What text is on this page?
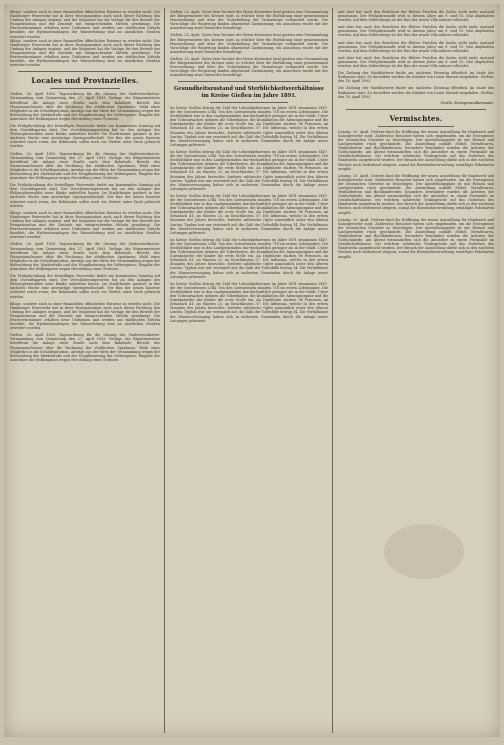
fähige, sondern auch in einer finanziellen öffentlichen Existenz zu werden sucht. Die Hamburger Feuerwehr hat in ihrer Reorganisation auch nach dieser Richtung den Umfang der Anlagen ergänzt, und der Magistrat hat die Vorlage für den Betrieb der Pumpenstation und der Zentrale mit entsprechenden Mitteln genehmigt. Die Feuerwehrmänner erhalten neue Uniformen und werden aus städtischen Mitteln besoldet; die Hydrantenanlagen der Wasserleitung sind an sämtlichen Straßen erweitert worden.

fähige, sondern auch in einer finanziellen öffentlichen Existenz zu werden sucht. Die Hamburger Feuerwehr hat in ihrer Reorganisation auch nach dieser Richtung den Umfang der Anlagen ergänzt, und der Magistrat hat die Vorlage für den Betrieb der Pumpenstation und der Zentrale mit entsprechenden Mitteln genehmigt. Die Feuerwehrmänner erhalten neue Uniformen und werden aus städtischen Mitteln besoldet; die Hydrantenanlagen der Wasserleitung sind an sämtlichen Straßen erweitert worden.

Locales und Provinzielles.

Gießen, 26. April 1893. Tagesordnung für die Sitzung der Stadtverordneten-Versammlung vom Donnerstag den 27. April 1893. Vorlage des Bürgermeisters betreffend die Anlage einer Straße nach dem Bahnhofe; Bericht des Finanzausschusses über die Rechnung der städtischen Sparkasse; Wahl eines Mitgliedes in die Schuldeputation; Anträge aus der Mitte der Versammlung wegen der Beleuchtung der Marktstraße und der Neupflasterung der Seltersgasse; Eingabe der Anwohner der Wolkengasse wegen Herstellung eines Trottoirs.

Die Frühjahrsübung der freiwilligen Feuerwehr findet am kommenden Sonntag auf dem Oswaldsgarten statt. Der Verschönerungsverein hat an den Anlagen des Philosophenwaldes neue Bänke aufstellen lassen. Im Stadttheater gastiert in der nächsten Woche eine auswärtige Operngesellschaft. Der Bau der neuen Kaserne schreitet rasch voran; die Rohbauten sollen noch vor Herbst unter Dach gebracht werden.

Gießen, 26. April 1893. Tagesordnung für die Sitzung der Stadtverordneten-Versammlung vom Donnerstag den 27. April 1893. Vorlage des Bürgermeisters betreffend die Anlage einer Straße nach dem Bahnhofe; Bericht des Finanzausschusses über die Rechnung der städtischen Sparkasse; Wahl eines Mitgliedes in die Schuldeputation; Anträge aus der Mitte der Versammlung wegen der Beleuchtung der Marktstraße und der Neupflasterung der Seltersgasse; Eingabe der Anwohner der Wolkengasse wegen Herstellung eines Trottoirs.

Die Frühjahrsübung der freiwilligen Feuerwehr findet am kommenden Sonntag auf dem Oswaldsgarten statt. Der Verschönerungsverein hat an den Anlagen des Philosophenwaldes neue Bänke aufstellen lassen. Im Stadttheater gastiert in der nächsten Woche eine auswärtige Operngesellschaft. Der Bau der neuen Kaserne schreitet rasch voran; die Rohbauten sollen noch vor Herbst unter Dach gebracht werden.

fähige, sondern auch in einer finanziellen öffentlichen Existenz zu werden sucht. Die Hamburger Feuerwehr hat in ihrer Reorganisation auch nach dieser Richtung den Umfang der Anlagen ergänzt, und der Magistrat hat die Vorlage für den Betrieb der Pumpenstation und der Zentrale mit entsprechenden Mitteln genehmigt. Die Feuerwehrmänner erhalten neue Uniformen und werden aus städtischen Mitteln besoldet; die Hydrantenanlagen der Wasserleitung sind an sämtlichen Straßen erweitert worden.

Gießen, 26. April 1893. Tagesordnung für die Sitzung der Stadtverordneten-Versammlung vom Donnerstag den 27. April 1893. Vorlage des Bürgermeisters betreffend die Anlage einer Straße nach dem Bahnhofe; Bericht des Finanzausschusses über die Rechnung der städtischen Sparkasse; Wahl eines Mitgliedes in die Schuldeputation; Anträge aus der Mitte der Versammlung wegen der Beleuchtung der Marktstraße und der Neupflasterung der Seltersgasse; Eingabe der Anwohner der Wolkengasse wegen Herstellung eines Trottoirs.

Die Frühjahrsübung der freiwilligen Feuerwehr findet am kommenden Sonntag auf dem Oswaldsgarten statt. Der Verschönerungsverein hat an den Anlagen des Philosophenwaldes neue Bänke aufstellen lassen. Im Stadttheater gastiert in der nächsten Woche eine auswärtige Operngesellschaft. Der Bau der neuen Kaserne schreitet rasch voran; die Rohbauten sollen noch vor Herbst unter Dach gebracht werden.

fähige, sondern auch in einer finanziellen öffentlichen Existenz zu werden sucht. Die Hamburger Feuerwehr hat in ihrer Reorganisation auch nach dieser Richtung den Umfang der Anlagen ergänzt, und der Magistrat hat die Vorlage für den Betrieb der Pumpenstation und der Zentrale mit entsprechenden Mitteln genehmigt. Die Feuerwehrmänner erhalten neue Uniformen und werden aus städtischen Mitteln besoldet; die Hydrantenanlagen der Wasserleitung sind an sämtlichen Straßen erweitert worden.

Gießen, 26. April 1893. Tagesordnung für die Sitzung der Stadtverordneten-Versammlung vom Donnerstag den 27. April 1893. Vorlage des Bürgermeisters betreffend die Anlage einer Straße nach dem Bahnhofe; Bericht des Finanzausschusses über die Rechnung der städtischen Sparkasse; Wahl eines Mitgliedes in die Schuldeputation; Anträge aus der Mitte der Versammlung wegen der Beleuchtung der Marktstraße und der Neupflasterung der Seltersgasse; Eingabe der Anwohner der Wolkengasse wegen Herstellung eines Trottoirs.

Gießen, 25. April. Unter dem Vorsitze des Herrn Kreisrates fand gestern eine Versammlung der Bürgermeister des Kreises statt, in welcher über die Einführung einer gemeinsamen Feuerordnung und über die Unterhaltung der Vicinalwege verhandelt wurde. Die Vorschläge der Regierung fanden allgemeine Zustimmung; ein Ausschuss wurde mit der Ausarbeitung eines Entwurfes beauftragt.

Gießen, 25. April. Unter dem Vorsitze des Herrn Kreisrates fand gestern eine Versammlung der Bürgermeister des Kreises statt, in welcher über die Einführung einer gemeinsamen Feuerordnung und über die Unterhaltung der Vicinalwege verhandelt wurde. Die Vorschläge der Regierung fanden allgemeine Zustimmung; ein Ausschuss wurde mit der Ausarbeitung eines Entwurfes beauftragt.

Gießen, 25. April. Unter dem Vorsitze des Herrn Kreisrates fand gestern eine Versammlung der Bürgermeister des Kreises statt, in welcher über die Einführung einer gemeinsamen Feuerordnung und über die Unterhaltung der Vicinalwege verhandelt wurde. Die Vorschläge der Regierung fanden allgemeine Zustimmung; ein Ausschuss wurde mit der Ausarbeitung eines Entwurfes beauftragt.

Gesundheitszustand und Sterblichkeitsverhältnisse im Kreise Gießen im Jahre 1891.

Im Kreise Gießen betrug die Zahl der Lebendgeborenen im Jahre 1891 zusammen 3467, die der Gestorbenen 2384. Von den Gestorbenen standen 718 im ersten Lebensjahre. Die Sterblichkeit war in den Landgemeinden durchschnittlich geringer als in der Stadt. Unter den Todesursachen nehmen die Tuberkulose, die Krankheiten der Atmungsorgane und die Darmkatarrhe der Kinder die erste Stelle ein. An Diphtherie starben 96 Personen, an Scharlach 41, an Masern 23, an Keuchhusten 57. Die Influenza, welche in den ersten Monaten des Jahres herrschte, forderte zahlreiche Opfer namentlich unter den älteren Leuten. Typhus trat nur vereinzelt auf; die Zahl der Todesfälle betrug 14. Die Verhältnisse der Wasserversorgung haben sich in mehreren Gemeinden durch die Anlage neuer Leitungen gebessert.

Im Kreise Gießen betrug die Zahl der Lebendgeborenen im Jahre 1891 zusammen 3467, die der Gestorbenen 2384. Von den Gestorbenen standen 718 im ersten Lebensjahre. Die Sterblichkeit war in den Landgemeinden durchschnittlich geringer als in der Stadt. Unter den Todesursachen nehmen die Tuberkulose, die Krankheiten der Atmungsorgane und die Darmkatarrhe der Kinder die erste Stelle ein. An Diphtherie starben 96 Personen, an Scharlach 41, an Masern 23, an Keuchhusten 57. Die Influenza, welche in den ersten Monaten des Jahres herrschte, forderte zahlreiche Opfer namentlich unter den älteren Leuten. Typhus trat nur vereinzelt auf; die Zahl der Todesfälle betrug 14. Die Verhältnisse der Wasserversorgung haben sich in mehreren Gemeinden durch die Anlage neuer Leitungen gebessert.

Im Kreise Gießen betrug die Zahl der Lebendgeborenen im Jahre 1891 zusammen 3467, die der Gestorbenen 2384. Von den Gestorbenen standen 718 im ersten Lebensjahre. Die Sterblichkeit war in den Landgemeinden durchschnittlich geringer als in der Stadt. Unter den Todesursachen nehmen die Tuberkulose, die Krankheiten der Atmungsorgane und die Darmkatarrhe der Kinder die erste Stelle ein. An Diphtherie starben 96 Personen, an Scharlach 41, an Masern 23, an Keuchhusten 57. Die Influenza, welche in den ersten Monaten des Jahres herrschte, forderte zahlreiche Opfer namentlich unter den älteren Leuten. Typhus trat nur vereinzelt auf; die Zahl der Todesfälle betrug 14. Die Verhältnisse der Wasserversorgung haben sich in mehreren Gemeinden durch die Anlage neuer Leitungen gebessert.

Im Kreise Gießen betrug die Zahl der Lebendgeborenen im Jahre 1891 zusammen 3467, die der Gestorbenen 2384. Von den Gestorbenen standen 718 im ersten Lebensjahre. Die Sterblichkeit war in den Landgemeinden durchschnittlich geringer als in der Stadt. Unter den Todesursachen nehmen die Tuberkulose, die Krankheiten der Atmungsorgane und die Darmkatarrhe der Kinder die erste Stelle ein. An Diphtherie starben 96 Personen, an Scharlach 41, an Masern 23, an Keuchhusten 57. Die Influenza, welche in den ersten Monaten des Jahres herrschte, forderte zahlreiche Opfer namentlich unter den älteren Leuten. Typhus trat nur vereinzelt auf; die Zahl der Todesfälle betrug 14. Die Verhältnisse der Wasserversorgung haben sich in mehreren Gemeinden durch die Anlage neuer Leitungen gebessert.

Im Kreise Gießen betrug die Zahl der Lebendgeborenen im Jahre 1891 zusammen 3467, die der Gestorbenen 2384. Von den Gestorbenen standen 718 im ersten Lebensjahre. Die Sterblichkeit war in den Landgemeinden durchschnittlich geringer als in der Stadt. Unter den Todesursachen nehmen die Tuberkulose, die Krankheiten der Atmungsorgane und die Darmkatarrhe der Kinder die erste Stelle ein. An Diphtherie starben 96 Personen, an Scharlach 41, an Masern 23, an Keuchhusten 57. Die Influenza, welche in den ersten Monaten des Jahres herrschte, forderte zahlreiche Opfer namentlich unter den älteren Leuten. Typhus trat nur vereinzelt auf; die Zahl der Todesfälle betrug 14. Die Verhältnisse der Wasserversorgung haben sich in mehreren Gemeinden durch die Anlage neuer Leitungen gebessert.

und aber hat nach den Berichten der Blätter Preußen die Sache nicht mehr Anstand genommen. Der Frühjahrsmarkt wird in diesem Jahre am 9. und 10. Mai abgehalten werden. Auf dem Seltersberge ist der Bau der neuen Villa nahezu vollendet.

und aber hat nach den Berichten der Blätter Preußen die Sache nicht mehr Anstand genommen. Der Frühjahrsmarkt wird in diesem Jahre am 9. und 10. Mai abgehalten werden. Auf dem Seltersberge ist der Bau der neuen Villa nahezu vollendet.

und aber hat nach den Berichten der Blätter Preußen die Sache nicht mehr Anstand genommen. Der Frühjahrsmarkt wird in diesem Jahre am 9. und 10. Mai abgehalten werden. Auf dem Seltersberge ist der Bau der neuen Villa nahezu vollendet.

und aber hat nach den Berichten der Blätter Preußen die Sache nicht mehr Anstand genommen. Der Frühjahrsmarkt wird in diesem Jahre am 9. und 10. Mai abgehalten werden. Auf dem Seltersberge ist der Bau der neuen Villa nahezu vollendet.

Die Ziehung der Marktlotterie findet am nächsten Dienstag öffentlich im Saale des Rathauses statt. Zu derselben werden die Inhaber von Losen hiermit eingeladen. Gießen, den 18. April 1893.

Die Ziehung der Marktlotterie findet am nächsten Dienstag öffentlich im Saale des Rathauses statt. Zu derselben werden die Inhaber von Losen hiermit eingeladen. Gießen, den 18. April 1893.

Großh. Kreisgesundheitsamt.
Vermischtes.

Leipzig, 20. April. Gestern fand die Eröffnung der neuen Ausstellung für Handwerk und Kunstgewerbe statt. Zahlreiche Besucher hatten sich eingefunden, um die Erzeugnisse der heimischen Gewerbe zu besichtigen. Der Ausstellungsplatz ist mit Fahnen und Laubgewinden reich geschmückt. Die Ausstellung umfaßt Möbel, Metallwaren, Textilarbeiten und Buchbindereien; besonders bewundert wurden die Arbeiten der Goldschmiede. Am Abend versammelten sich die Aussteller zu einem Festmahle im Gesellschaftshause, bei welchem zahlreiche Trinksprüche auf das Gedeihen des Handwerks ausgebracht wurden. Der Besuch der Ausstellung dürfte sich in den nächsten Wochen noch bedeutend steigern, zumal die Eisenbahnverwaltung ermäßigte Fahrkarten ausgibt.

Leipzig, 20. April. Gestern fand die Eröffnung der neuen Ausstellung für Handwerk und Kunstgewerbe statt. Zahlreiche Besucher hatten sich eingefunden, um die Erzeugnisse der heimischen Gewerbe zu besichtigen. Der Ausstellungsplatz ist mit Fahnen und Laubgewinden reich geschmückt. Die Ausstellung umfaßt Möbel, Metallwaren, Textilarbeiten und Buchbindereien; besonders bewundert wurden die Arbeiten der Goldschmiede. Am Abend versammelten sich die Aussteller zu einem Festmahle im Gesellschaftshause, bei welchem zahlreiche Trinksprüche auf das Gedeihen des Handwerks ausgebracht wurden. Der Besuch der Ausstellung dürfte sich in den nächsten Wochen noch bedeutend steigern, zumal die Eisenbahnverwaltung ermäßigte Fahrkarten ausgibt.

Leipzig, 20. April. Gestern fand die Eröffnung der neuen Ausstellung für Handwerk und Kunstgewerbe statt. Zahlreiche Besucher hatten sich eingefunden, um die Erzeugnisse der heimischen Gewerbe zu besichtigen. Der Ausstellungsplatz ist mit Fahnen und Laubgewinden reich geschmückt. Die Ausstellung umfaßt Möbel, Metallwaren, Textilarbeiten und Buchbindereien; besonders bewundert wurden die Arbeiten der Goldschmiede. Am Abend versammelten sich die Aussteller zu einem Festmahle im Gesellschaftshause, bei welchem zahlreiche Trinksprüche auf das Gedeihen des Handwerks ausgebracht wurden. Der Besuch der Ausstellung dürfte sich in den nächsten Wochen noch bedeutend steigern, zumal die Eisenbahnverwaltung ermäßigte Fahrkarten ausgibt.
